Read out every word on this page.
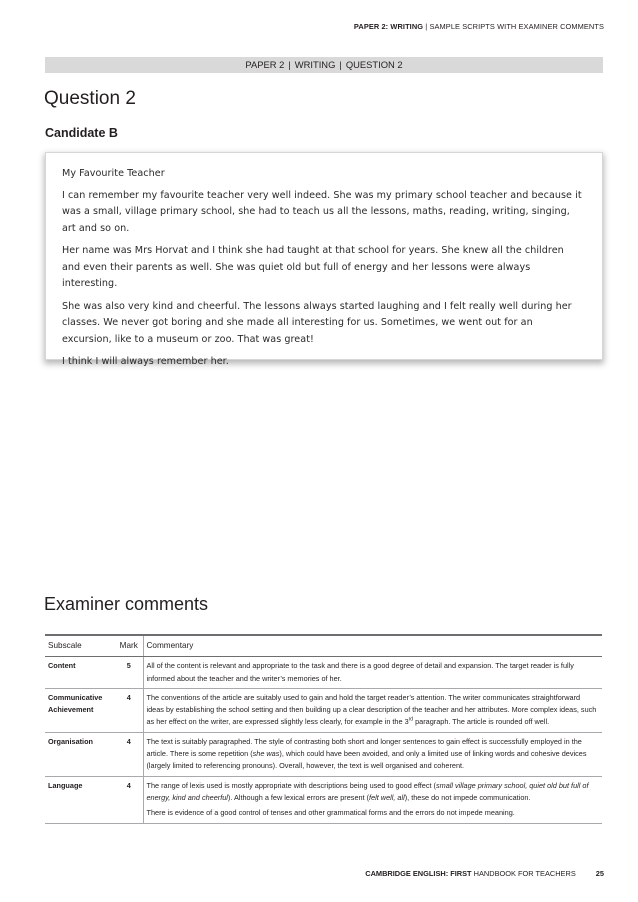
PAPER 2: WRITING | SAMPLE SCRIPTS WITH EXAMINER COMMENTS
PAPER 2 | WRITING | QUESTION 2
Question 2
Candidate B

My Favourite Teacher

I can remember my favourite teacher very well indeed. She was my primary school teacher and because it was a small, village primary school, she had to teach us all the lessons, maths, reading, writing, singing, art and so on.

Her name was Mrs Horvat and I think she had taught at that school for years. She knew all the children and even their parents as well. She was quiet old but full of energy and her lessons were always interesting.

She was also very kind and cheerful. The lessons always started laughing and I felt really well during her classes. We never got boring and she made all interesting for us. Sometimes, we went out for an excursion, like to a museum or zoo. That was great!

I think I will always remember her.

Examiner comments
Subscale	Mark	Commentary
Content	5	All of the content is relevant and appropriate to the task and there is a good degree of detail and expansion. The target reader is fully informed about the teacher and the writer’s memories of her.
Communicative
Achievement	4	The conventions of the article are suitably used to gain and hold the target reader’s attention. The writer communicates straightforward ideas by establishing the school setting and then building up a clear description of the teacher and her attributes. More complex ideas, such as her effect on the writer, are expressed slightly less clearly, for example in the 3rd paragraph. The article is rounded off well.
Organisation	4	The text is suitably paragraphed. The style of contrasting both short and longer sentences to gain effect is successfully employed in the article. There is some repetition (she was), which could have been avoided, and only a limited use of linking words and cohesive devices (largely limited to referencing pronouns). Overall, however, the text is well organised and coherent.
Language	4	The range of lexis used is mostly appropriate with descriptions being used to good effect (small village primary school, quiet old but full of energy, kind and cheerful). Although a few lexical errors are present (felt well, all), these do not impede communication.

There is evidence of a good control of tenses and other grammatical forms and the errors do not impede meaning.

CAMBRIDGE ENGLISH: FIRST HANDBOOK FOR TEACHERS	25
